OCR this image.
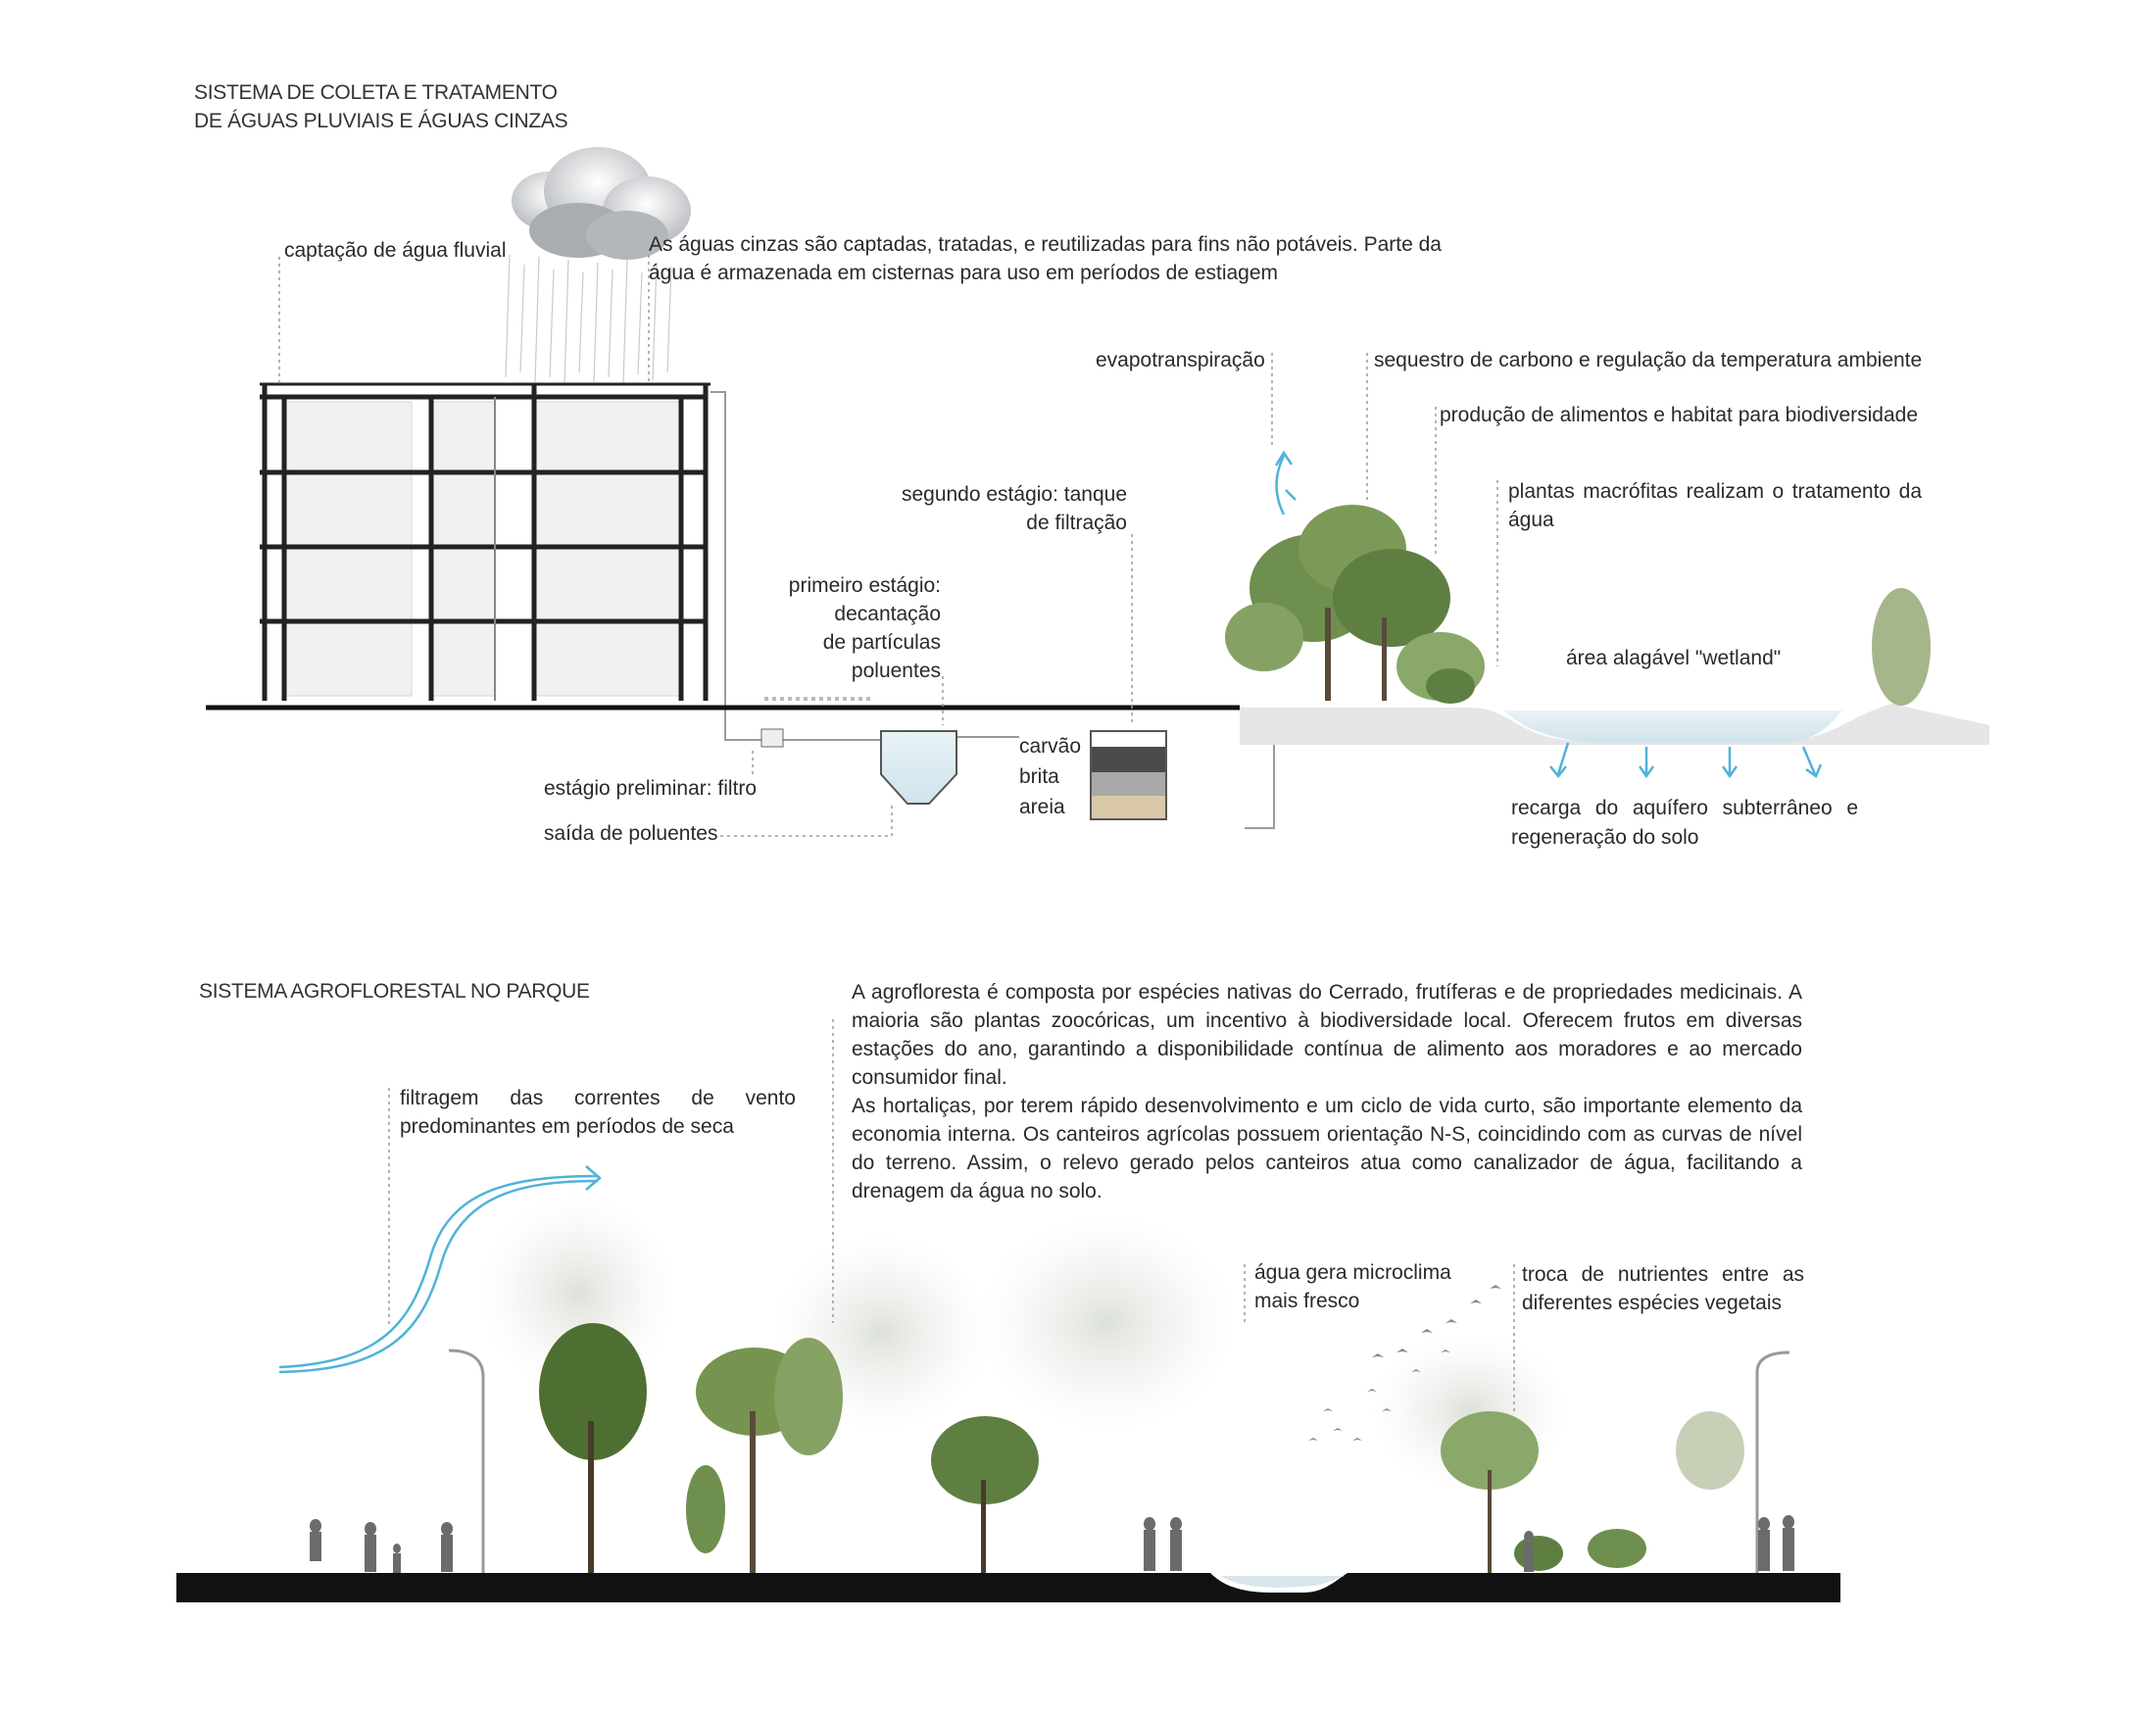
SISTEMA DE COLETA E TRATAMENTO
DE ÁGUAS PLUVIAIS E ÁGUAS CINZAS
captação de água fluvial	As águas cinzas são captadas, tratadas, e reutilizadas para fins não potáveis. Parte da
água é armazenada em cisternas para uso em períodos de estiagem
evapotranspiração	sequestro de carbono e regulação da temperatura ambiente
produção de alimentos e habitat para biodiversidade
plantas macrófitas realizam o tratamento da
água
segundo estágio: tanque
de filtração
primeiro estágio:
decantação
de partículas
poluentes
área alagável "wetland"
carvão
brita
areia
estágio preliminar: filtro
saída de poluentes
recarga do aquífero subterrâneo e
regeneração do solo
SISTEMA AGROFLORESTAL NO PARQUE	A agrofloresta é composta por espécies nativas do Cerrado, frutíferas e de propriedades medicinais. A maioria são plantas zoocóricas, um incentivo à biodiversidade local. Oferecem frutos em diversas estações do ano, garantindo a disponibilidade contínua de alimento aos moradores e ao mercado consumidor final.

As hortaliças, por terem rápido desenvolvimento e um ciclo de vida curto, são importante elemento da economia interna. Os canteiros agrícolas possuem orientação N-S, coincidindo com as curvas de nível do terreno. Assim, o relevo gerado pelos canteiros atua como canalizador de água, facilitando a drenagem da água no solo.

filtragem das correntes de vento
predominantes em períodos de seca
água gera microclima
mais fresco
troca de nutrientes entre as
diferentes espécies vegetais
